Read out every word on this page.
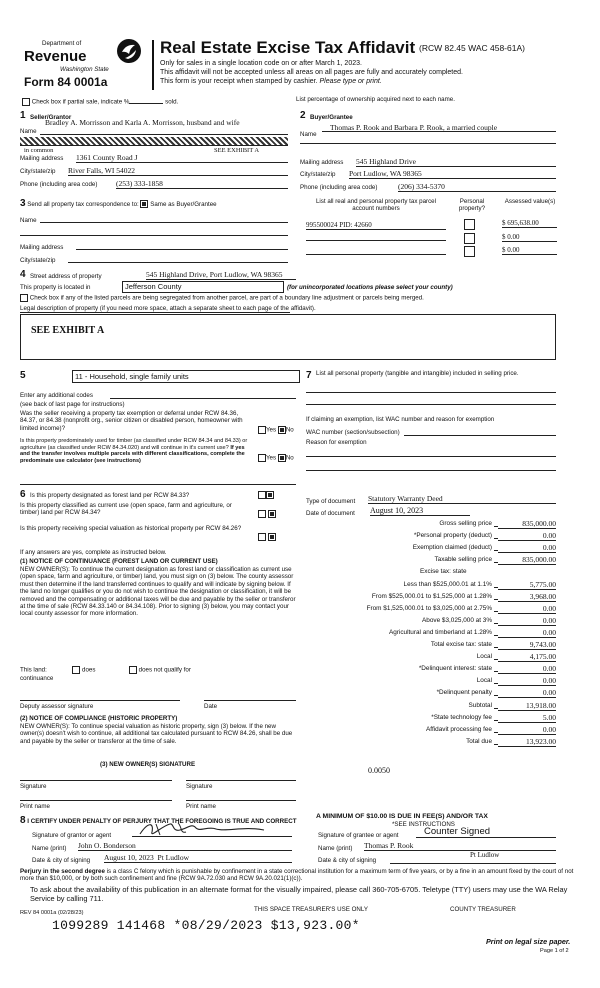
Department of
Revenue
Washington State
Form 84 0001a
Real Estate Excise Tax Affidavit (RCW 82.45 WAC 458-61A)
Only for sales in a single location code on or after March 1, 2023.
This affidavit will not be accepted unless all areas on all pages are fully and accurately completed.
This form is your receipt when stamped by cashier. Please type or print.
Check box if partial sale, indicate %	sold.	List percentage of ownership acquired next to each name.
1 Seller/Grantor
Name
Bradley A. Morrisson and Karla A. Morrisson, husband and wife
in common	SEE EXHIBIT A
Mailing address 1361 County Road J
City/state/zip River Falls, WI 54022
Phone (including area code) (253) 333-1858
2 Buyer/Grantee
Name
Thomas P. Rook and Barbara P. Rook, a married couple
Mailing address 545 Highland Drive
City/state/zip Port Ludlow, WA 98365
Phone (including area code)	(206) 334-5370
3 Send all property tax correspondence to: Same as Buyer/Grantee
Name
Mailing address
City/state/zip
List all real and personal property tax parcel account numbers
Personal property?
Assessed value(s)
995500024 PID: 42660	$ 695,638.00
$ 0.00
$ 0.00
4 Street address of property	545 Highland Drive, Port Ludlow, WA 98365
This property is located in	Jefferson County	(for unincorporated locations please select your county)
Check box if any of the listed parcels are being segregated from another parcel, are part of a boundary line adjustment or parcels being merged.
Legal description of property (if you need more space, attach a separate sheet to each page of the affidavit).
SEE EXHIBIT A
5	11 - Household, single family units
Enter any additional codes
(see back of last page for instructions)
Was the seller receiving a property tax exemption or deferral under RCW 84.36, 84.37, or 84.38 (nonprofit org., senior citizen or disabled person, homeowner with limited income)?	Yes No
Is this property predominately used for timber (as classified under RCW 84.34 and 84.33) or agriculture (as classified under RCW 84.34.020) and will continue in it's current use? If yes and the transfer involves multiple parcels with different classifications, complete the predominate use calculator (see instructions)	Yes No
6 Is this property designated as forest land per RCW 84.33?
Is this property classified as current use (open space, farm and agriculture, or timber) land per RCW 84.34?

Is this property receiving special valuation as historical property per RCW 84.26?

If any answers are yes, complete as instructed below.
(1) NOTICE OF CONTINUANCE (FOREST LAND OR CURRENT USE)
NEW OWNER(S): To continue the current designation as forest land or classification as current use (open space, farm and agriculture, or timber) land, you must sign on (3) below. The county assessor must then determine if the land transferred continues to qualify and will indicate by signing below. If the land no longer qualifies or you do not wish to continue the designation or classification, it will be removed and the compensating or additional taxes will be due and payable by the seller or transferor at the time of sale (RCW 84.33.140 or 84.34.108). Prior to signing (3) below, you may contact your local county assessor for more information.
This land:	does	does not qualify for
continuance
Deputy assessor signature	Date
(2) NOTICE OF COMPLIANCE (HISTORIC PROPERTY)
NEW OWNER(S): To continue special valuation as historic property, sign (3) below. If the new owner(s) doesn't wish to continue, all additional tax calculated pursuant to RCW 84.26, shall be due and payable by the seller or transferor at the time of sale.
(3) NEW OWNER(S) SIGNATURE
Signature	Signature
Print name	Print name
7 List all personal property (tangible and intangible) included in selling price.
If claiming an exemption, list WAC number and reason for exemption
WAC number (section/subsection)
Reason for exemption
Type of document Statutory Warranty Deed
Date of document August 10, 2023
Gross selling price	835,000.00
*Personal property (deduct)	0.00
Exemption claimed (deduct)	0.00
Taxable selling price	835,000.00
Excise tax: state
Less than $525,000.01 at 1.1%	5,775.00
From $525,000.01 to $1,525,000 at 1.28%	3,968.00
From $1,525,000.01 to $3,025,000 at 2.75%	0.00
Above $3,025,000 at 3%	0.00
Agricultural and timberland at 1.28%	0.00
Total excise tax: state	9,743.00
Local	4,175.00
*Delinquent interest: state	0.00
Local	0.00
*Delinquent penalty	0.00
Subtotal	13,918.00
*State technology fee	5.00
Affidavit processing fee	0.00
Total due	13,923.00
0.0050
A MINIMUM OF $10.00 IS DUE IN FEE(S) AND/OR TAX
*SEE INSTRUCTIONS
8 I CERTIFY UNDER PENALTY OF PERJURY THAT THE FOREGOING IS TRUE AND CORRECT
Signature of grantor or agent
Name (print) John O. Bonderson
Date & city of signing August 10, 2023 Pt Ludlow
Signature of grantee or agent	Counter Signed
Name (print) Thomas P. Rook
Date & city of signing
Pt Ludlow
Perjury in the second degree is a class C felony which is punishable by confinement in a state correctional institution for a maximum term of five years, or by a fine in an amount fixed by the court of not more than $10,000, or by both such confinement and fine (RCW 9A.72.030 and RCW 9A.20.021(1)(c)).
To ask about the availability of this publication in an alternate format for the visually impaired, please call 360-705-6705. Teletype (TTY) users may use the WA Relay Service by calling 711.
REV 84 0001a (02/28/23)	THIS SPACE TREASURER'S USE ONLY	COUNTY TREASURER
1099289 141468 *08/29/2023 $13,923.00*
Print on legal size paper.
Page 1 of 2
